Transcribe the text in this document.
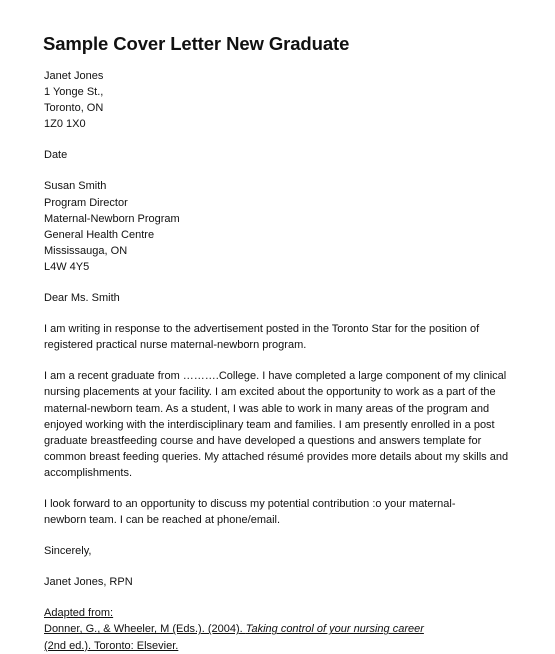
Sample Cover Letter New Graduate
Janet Jones
1 Yonge St.,
Toronto, ON
1Z0 1X0
Date
Susan Smith
Program Director
Maternal-Newborn Program
General Health Centre
Mississauga, ON
L4W 4Y5
Dear Ms. Smith
I am writing in response to the advertisement posted in the Toronto Star for the position of
registered practical nurse maternal-newborn program.
I am a recent graduate from ……….College. I have completed a large component of my clinical
nursing placements at your facility. I am excited about the opportunity to work as a part of the
maternal-newborn team. As a student, I was able to work in many areas of the program and
enjoyed working with the interdisciplinary team and families. I am presently enrolled in a post
graduate breastfeeding course and have developed a questions and answers template for
common breast feeding queries. My attached résumé provides more details about my skills and
accomplishments.
I look forward to an opportunity to discuss my potential contribution :o your maternal-
newborn team. I can be reached at phone/email.
Sincerely,
Janet Jones, RPN
Adapted from:
Donner, G., & Wheeler, M (Eds.). (2004). Taking control of your nursing career
(2nd ed.). Toronto: Elsevier.
